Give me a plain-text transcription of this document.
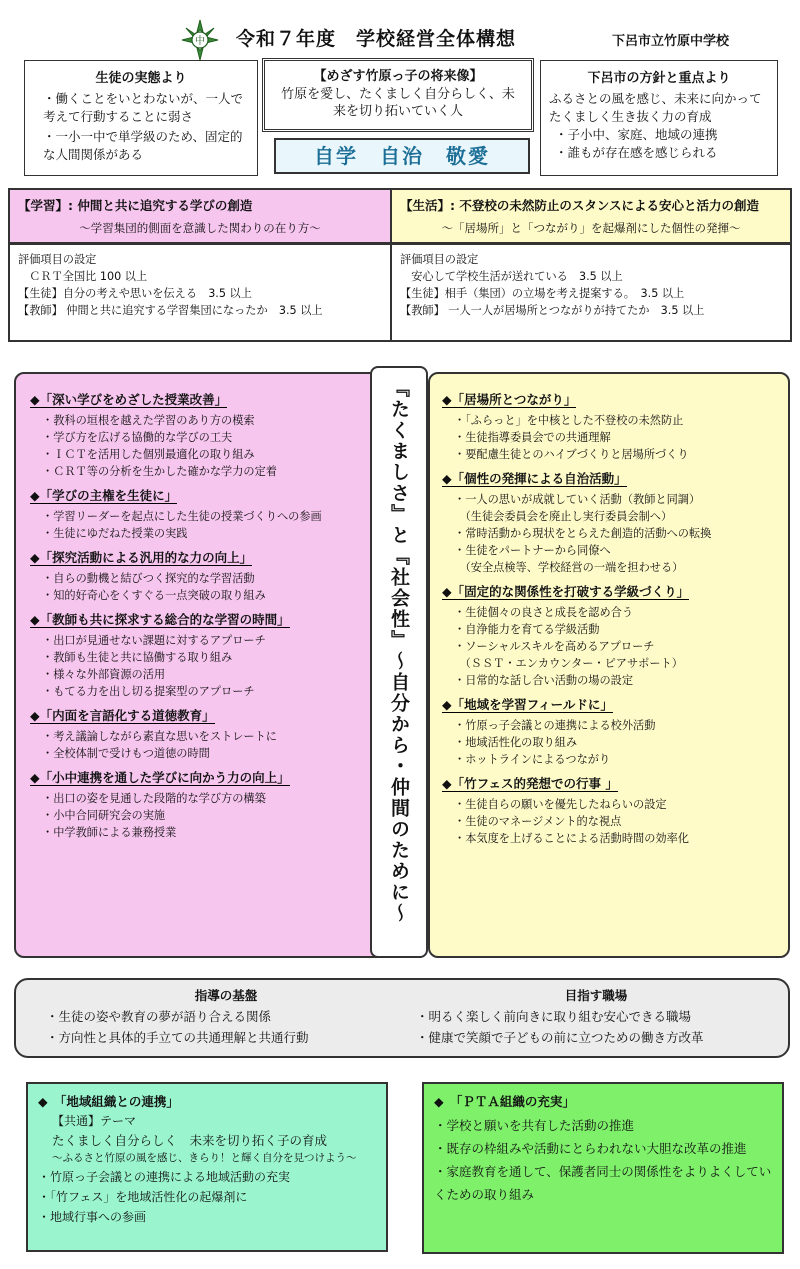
中 令和７年度　学校経営全体構想	下呂市立竹原中学校
生徒の実態より
・働くことをいとわないが、一人で考えて行動することに弱さ
・一小一中で単学級のため、固定的な人間関係がある
【めざす竹原っ子の将来像】
竹原を愛し、たくましく自分らしく、未来を切り拓いていく人
自学　自治　敬愛
下呂市の方針と重点より
ふるさとの風を感じ、未来に向かってたくましく生き抜く力の育成
・子小中、家庭、地域の連携
・誰もが存在感を感じられる
【学習】: 仲間と共に追究する学びの創造
～学習集団的側面を意識した関わりの在り方～
評価項目の設定
　ＣＲＴ全国比 100 以上
【生徒】自分の考えや思いを伝える　3.5 以上
【教師】 仲間と共に追究する学習集団になったか　3.5 以上
【生活】: 不登校の未然防止のスタンスによる安心と活力の創造
～「居場所」と「つながり」を起爆剤にした個性の発揮～
評価項目の設定
　安心して学校生活が送れている　3.5 以上
【生徒】相手（集団）の立場を考え提案する。　3.5 以上
【教師】 一人一人が居場所とつながりが持てたか　3.5 以上
◆「深い学びをめざした授業改善」
・教科の垣根を越えた学習のあり方の模索
・学び方を広げる協働的な学びの工夫
・ＩＣＴを活用した個別最適化の取り組み
・ＣＲＴ等の分析を生かした確かな学力の定着
◆「学びの主権を生徒に」
・学習リーダーを起点にした生徒の授業づくりへの参画
・生徒にゆだねた授業の実践
◆「探究活動による汎用的な力の向上」
・自らの動機と結びつく探究的な学習活動
・知的好奇心をくすぐる一点突破の取り組み
◆「教師も共に探求する総合的な学習の時間」
・出口が見通せない課題に対するアプローチ
・教師も生徒と共に協働する取り組み
・様々な外部資源の活用
・もてる力を出し切る提案型のアプローチ
◆「内面を言語化する道徳教育」
・考え議論しながら素直な思いをストレートに
・全校体制で受けもつ道徳の時間
◆「小中連携を通した学びに向かう力の向上」
・出口の姿を見通した段階的な学び方の構築
・小中合同研究会の実施
・中学教師による兼務授業	『たくましさ』と『社会性』～自分から・仲間のために～	◆「居場所とつながり」
・「ふらっと」を中核とした不登校の未然防止
・生徒指導委員会での共通理解
・要配慮生徒とのハイブづくりと居場所づくり
◆「個性の発揮による自治活動」
・一人の思いが成就していく活動（教師と同調）
　（生徒会委員会を廃止し実行委員会制へ）
・常時活動から現状をとらえた創造的活動への転換
・生徒をパートナーから同僚へ
　（安全点検等、学校経営の一端を担わせる）
◆「固定的な関係性を打破する学級づくり」
・生徒個々の良さと成長を認め合う
・自浄能力を育てる学級活動
・ソーシャルスキルを高めるアプローチ
　（ＳＳＴ・エンカウンター・ピアサポート）
・日常的な話し合い活動の場の設定
◆「地域を学習フィールドに」
・竹原っ子会議との連携による校外活動
・地域活性化の取り組み
・ホットラインによるつながり
◆「竹フェス的発想での行事 」
・生徒自らの願いを優先したねらいの設定
・生徒のマネージメント的な視点
・本気度を上げることによる活動時間の効率化
指導の基盤
・生徒の姿や教育の夢が語り合える関係
・方向性と具体的手立ての共通理解と共通行動
目指す職場
・明るく楽しく前向きに取り組む安心できる職場
・健康で笑顔で子どもの前に立つための働き方改革
◆　「地域組織との連携」
【共通】テーマ
たくましく自分らしく　未来を切り拓く子の育成
～ふるさと竹原の風を感じ、きらり！と輝く自分を見つけよう～
・竹原っ子会議との連携による地域活動の充実
・「竹フェス」を地域活性化の起爆剤に
・地域行事への参画
◆　「ＰＴＡ組織の充実」
・学校と願いを共有した活動の推進
・既存の枠組みや活動にとらわれない大胆な改革の推進
・家庭教育を通して、保護者同士の関係性をよりよくしていくための取り組み
